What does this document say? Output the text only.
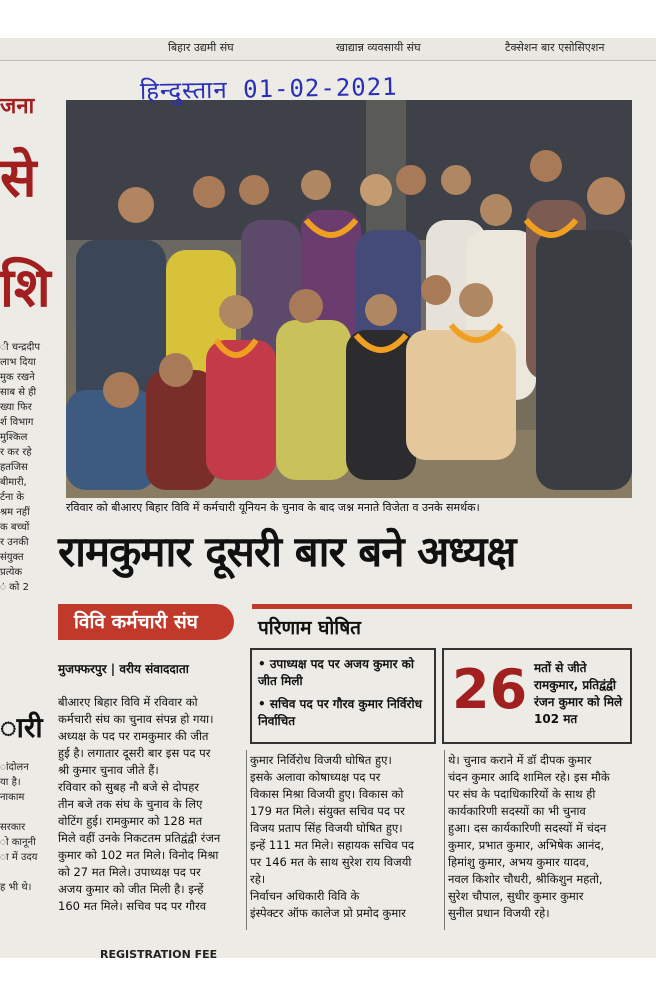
बिहार उद्यमी संघ	खाद्यान्न व्यवसायी संघ	टैक्सेशन बार एसोसिएशन
जना
से
शि
ी चन्द्रदीप
लाभ दिया
मुक रखने
साब से ही
ख्या फिर
र्श विभाग
मुश्किल
र कर रहे
हतजिस
बीमारी,
र्टना के
श्रम नहीं
क बच्चों
र उनकी
संयुक्त
प्रत्येक
ं को 2
ारी
ांदोलन
या है।
नाकाम
सरकार
ो कानूनी
ा में उदय
ह भी थे।
हिन्दुस्तान 01-02-2021
रविवार को बीआरए बिहार विवि में कर्मचारी यूनियन के चुनाव के बाद जश्न मनाते विजेता व उनके समर्थक।
रामकुमार दूसरी बार बने अध्यक्ष
विवि कर्मचारी संघ	परिणाम घोषित
मुजफ्फरपुर | वरीय संवाददाता	• उपाध्यक्ष पद पर अजय कुमार को जीत मिली
• सचिव पद पर गौरव कुमार निर्विरोध निर्वाचित	26 मतों से जीते रामकुमार, प्रतिद्वंद्वी रंजन कुमार को मिले 102 मत

बीआरए बिहार विवि में रविवार को

कर्मचारी संघ का चुनाव संपन्न हो गया।

अध्यक्ष के पद पर रामकुमार की जीत

हुई है। लगातार दूसरी बार इस पद पर

श्री कुमार चुनाव जीते हैं।

रविवार को सुबह नौ बजे से दोपहर

तीन बजे तक संघ के चुनाव के लिए

वोटिंग हुई। रामकुमार को 128 मत

मिले वहीं उनके निकटतम प्रतिद्वंद्वी रंजन

कुमार को 102 मत मिले। विनोद मिश्रा

को 27 मत मिले। उपाध्यक्ष पद पर

अजय कुमार को जीत मिली है। इन्हें

160 मत मिले। सचिव पद पर गौरव

कुमार निर्विरोध विजयी घोषित हुए।

इसके अलावा कोषाध्यक्ष पद पर

विकास मिश्रा विजयी हुए। विकास को

179 मत मिले। संयुक्त सचिव पद पर

विजय प्रताप सिंह विजयी घोषित हुए।

इन्हें 111 मत मिले। सहायक सचिव पद

पर 146 मत के साथ सुरेश राय विजयी

रहे।

निर्वाचन अधिकारी विवि के

इंस्पेक्टर ऑफ कालेज प्रो प्रमोद कुमार

थे। चुनाव कराने में डॉ दीपक कुमार

चंदन कुमार आदि शामिल रहे। इस मौके

पर संघ के पदाधिकारियों के साथ ही

कार्यकारिणी सदस्यों का भी चुनाव

हुआ। दस कार्यकारिणी सदस्यों में चंदन

कुमार, प्रभात कुमार, अभिषेक आनंद,

हिमांशु कुमार, अभय कुमार यादव,

नवल किशोर चौधरी, श्रीकिशुन महतो,

सुरेश चौपाल, सुधीर कुमार कुमार

सुनील प्रधान विजयी रहे।

REGISTRATION FEE
